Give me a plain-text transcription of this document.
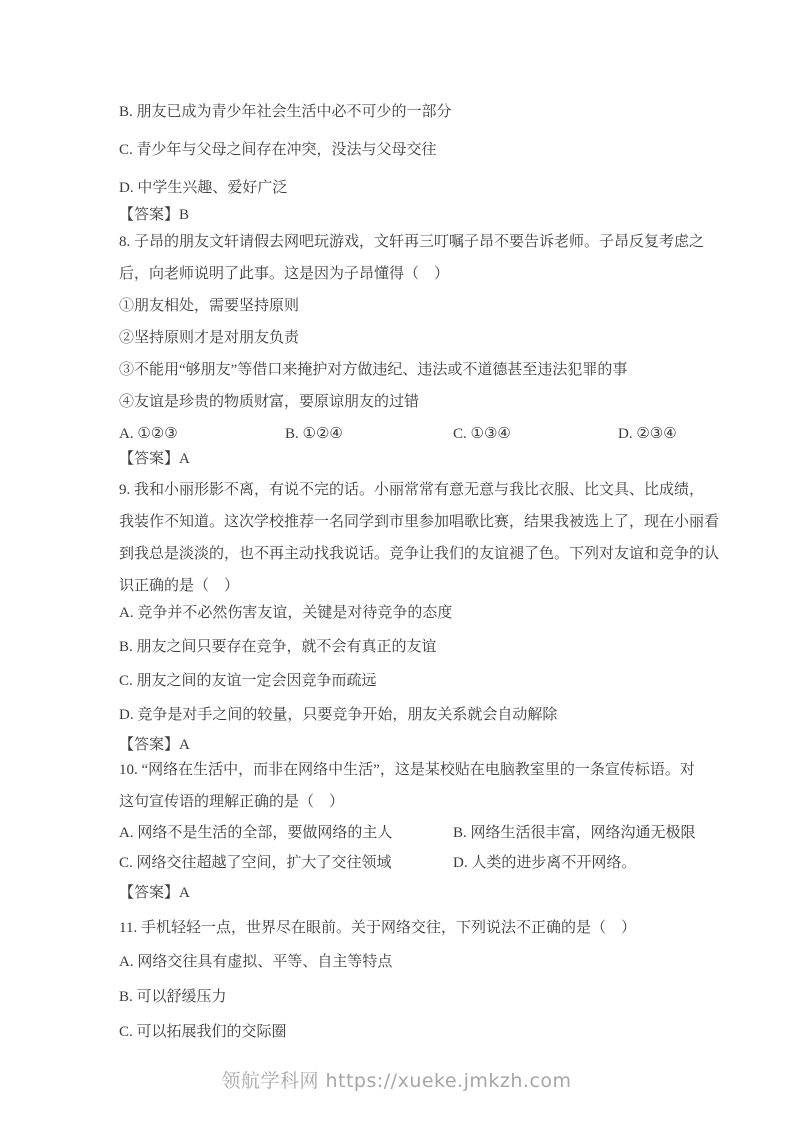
B. 朋友已成为青少年社会生活中必不可少的一部分
C. 青少年与父母之间存在冲突，没法与父母交往
D. 中学生兴趣、爱好广泛
【答案】B
8. 子昂的朋友文轩请假去网吧玩游戏，文轩再三叮嘱子昂不要告诉老师。子昂反复考虑之
后，向老师说明了此事。这是因为子昂懂得（    ）
①朋友相处，需要坚持原则
②坚持原则才是对朋友负责
③不能用“够朋友”等借口来掩护对方做违纪、违法或不道德甚至违法犯罪的事
④友谊是珍贵的物质财富，要原谅朋友的过错
A. ①②③	B. ①②④	C. ①③④	D. ②③④
【答案】A
9. 我和小丽形影不离，有说不完的话。小丽常常有意无意与我比衣服、比文具、比成绩，
我装作不知道。这次学校推荐一名同学到市里参加唱歌比赛，结果我被选上了，现在小丽看
到我总是淡淡的，也不再主动找我说话。竞争让我们的友谊褪了色。下列对友谊和竞争的认
识正确的是（    ）
A. 竞争并不必然伤害友谊，关键是对待竞争的态度
B. 朋友之间只要存在竞争，就不会有真正的友谊
C. 朋友之间的友谊一定会因竞争而疏远
D. 竞争是对手之间的较量，只要竞争开始，朋友关系就会自动解除
【答案】A
10. “网络在生活中，而非在网络中生活”，这是某校贴在电脑教室里的一条宣传标语。对
这句宣传语的理解正确的是（    ）
A. 网络不是生活的全部，要做网络的主人	B. 网络生活很丰富，网络沟通无极限
C. 网络交往超越了空间，扩大了交往领域	D. 人类的进步离不开网络。
【答案】A
11. 手机轻轻一点，世界尽在眼前。关于网络交往，下列说法不正确的是（    ）
A. 网络交往具有虚拟、平等、自主等特点
B. 可以舒缓压力
C. 可以拓展我们的交际圈
领航学科网 https://xueke.jmkzh.com
